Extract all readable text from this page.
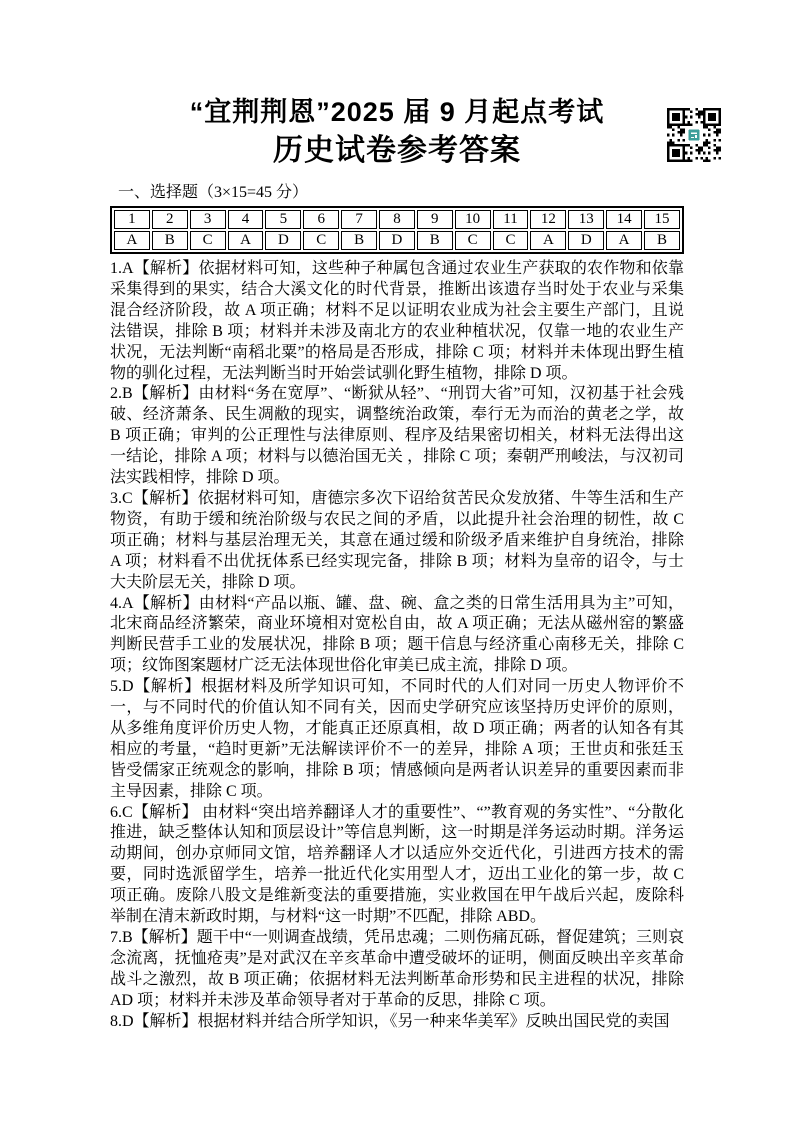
“宜荆荆恩”2025 届 9 月起点考试
历史试卷参考答案
一、选择题（3×15=45 分）
1	2	3	4	5	6	7	8	9	10	11	12	13	14	15
A	B	C	A	D	C	B	D	B	C	C	A	D	A	B

1.A【解析】依据材料可知，这些种子种属包含通过农业生产获取的农作物和依靠采集得到的果实，结合大溪文化的时代背景，推断出该遗存当时处于农业与采集混合经济阶段，故 A 项正确；材料不足以证明农业成为社会主要生产部门，且说法错误，排除 B 项；材料并未涉及南北方的农业种植状况，仅靠一地的农业生产状况，无法判断“南稻北粟”的格局是否形成，排除 C 项；材料并未体现出野生植物的驯化过程，无法判断当时开始尝试驯化野生植物，排除 D 项。

2.B【解析】由材料“务在宽厚”、“断狱从轻”、“刑罚大省”可知，汉初基于社会残破、经济萧条、民生凋敝的现实，调整统治政策，奉行无为而治的黄老之学，故 B 项正确；审判的公正理性与法律原则、程序及结果密切相关，材料无法得出这一结论，排除 A 项；材料与以德治国无关 ，排除 C 项；秦朝严刑峻法，与汉初司法实践相悖，排除 D 项。

3.C【解析】依据材料可知，唐德宗多次下诏给贫苦民众发放猪、牛等生活和生产物资，有助于缓和统治阶级与农民之间的矛盾，以此提升社会治理的韧性，故 C 项正确；材料与基层治理无关，其意在通过缓和阶级矛盾来维护自身统治，排除 A 项；材料看不出优抚体系已经实现完备，排除 B 项；材料为皇帝的诏令，与士大夫阶层无关，排除 D 项。

4.A【解析】由材料“产品以瓶、罐、盘、碗、盒之类的日常生活用具为主”可知，北宋商品经济繁荣，商业环境相对宽松自由，故 A 项正确；无法从磁州窑的繁盛判断民营手工业的发展状况，排除 B 项；题干信息与经济重心南移无关，排除 C 项；纹饰图案题材广泛无法体现世俗化审美已成主流，排除 D 项。

5.D【解析】根据材料及所学知识可知，不同时代的人们对同一历史人物评价不一，与不同时代的价值认知不同有关，因而史学研究应该坚持历史评价的原则，从多维角度评价历史人物，才能真正还原真相，故 D 项正确；两者的认知各有其相应的考量，“趋时更新”无法解读评价不一的差异，排除 A 项；王世贞和张廷玉皆受儒家正统观念的影响，排除 B 项；情感倾向是两者认识差异的重要因素而非主导因素，排除 C 项。

6.C【解析】 由材料“突出培养翻译人才的重要性”、“”教育观的务实性”、“分散化推进，缺乏整体认知和顶层设计”等信息判断，这一时期是洋务运动时期。洋务运动期间，创办京师同文馆，培养翻译人才以适应外交近代化，引进西方技术的需要，同时选派留学生，培养一批近代化实用型人才，迈出工业化的第一步，故 C 项正确。废除八股文是维新变法的重要措施，实业救国在甲午战后兴起，废除科举制在清末新政时期，与材料“这一时期”不匹配，排除 ABD。

7.B【解析】题干中“一则调查战绩，凭吊忠魂；二则伤痛瓦砾，督促建筑；三则哀念流离，抚恤疮夷”是对武汉在辛亥革命中遭受破坏的证明，侧面反映出辛亥革命战斗之激烈，故 B 项正确；依据材料无法判断革命形势和民主进程的状况，排除 AD 项；材料并未涉及革命领导者对于革命的反思，排除 C 项。

8.D【解析】根据材料并结合所学知识，《另一种来华美军》反映出国民党的卖国
